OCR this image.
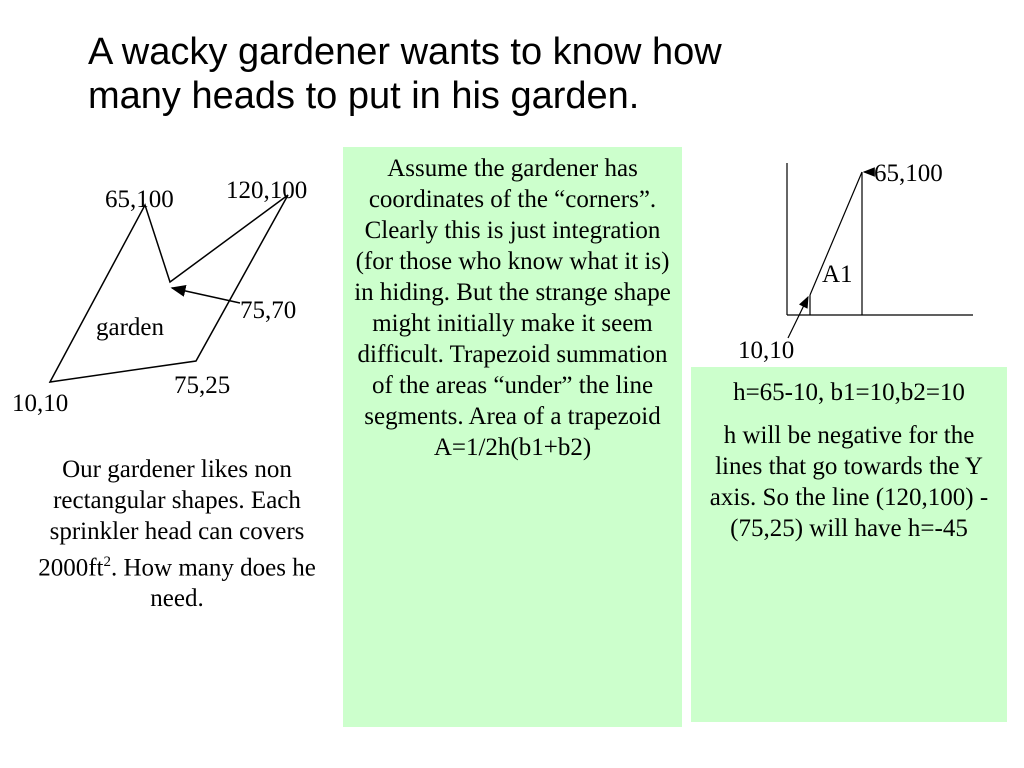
A wacky gardener wants to know how
many heads to put in his garden.
65,100 120,100
75,70
garden
75,25
10,10
Our gardener likes non rectangular shapes. Each sprinkler head can covers $2000ft^2$. How many does he need.

Assume the gardener has coordinates of the “corners”. Clearly this is just integration (for those who know what it is) in hiding. But the strange shape might initially make it seem difficult. Trapezoid summation of the areas “under” the line segments. Area of a trapezoid A=1/2h(b1+b2)

65,100
A1
10,10

h=65-10, b1=10,b2=10

h will be negative for the lines that go towards the Y axis. So the line (120,100) - (75,25) will have h=-45
